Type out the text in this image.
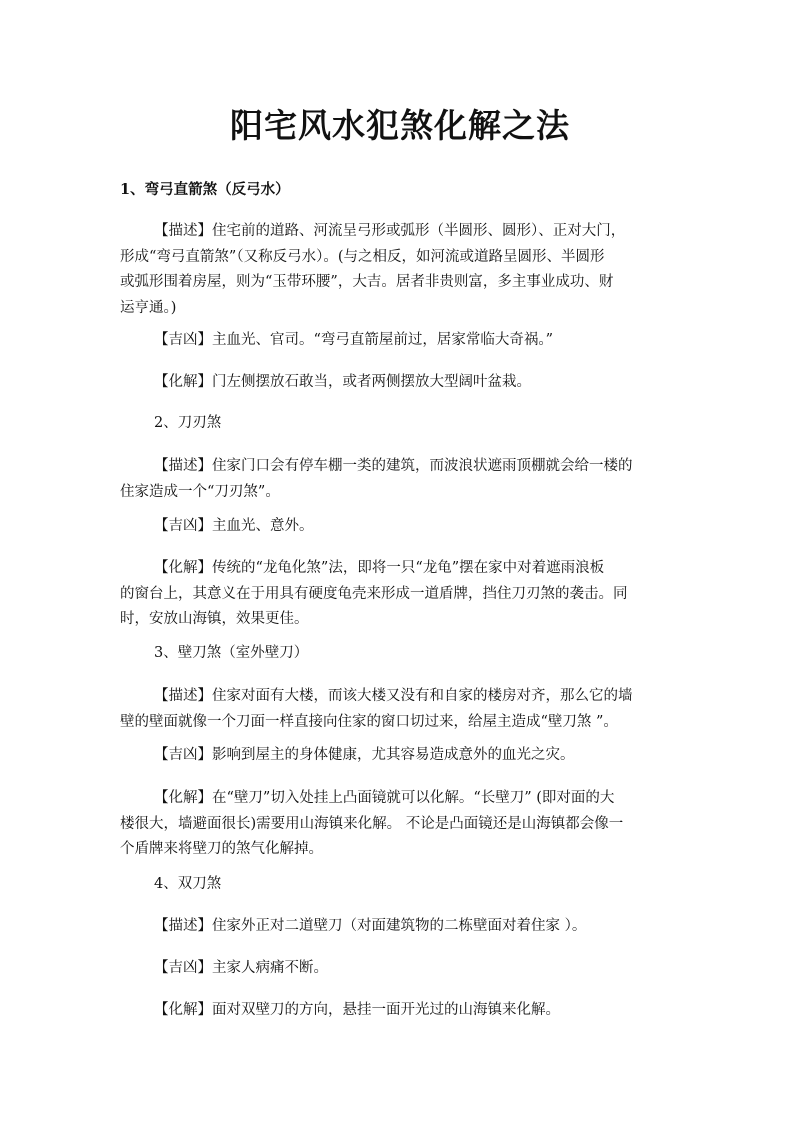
阳宅风水犯煞化解之法

1、弯弓直箭煞（反弓水）

【描述】住宅前的道路、河流呈弓形或弧形（半圆形、圆形）、正对大门，
形成“弯弓直箭煞”（又称反弓水）。(与之相反，如河流或道路呈圆形、半圆形
或弧形围着房屋，则为“玉带环腰”，大吉。居者非贵则富，多主事业成功、财
运亨通。)

【吉凶】主血光、官司。“弯弓直箭屋前过，居家常临大奇祸。”

【化解】门左侧摆放石敢当，或者两侧摆放大型阔叶盆栽。

2、刀刃煞

【描述】住家门口会有停车棚一类的建筑，而波浪状遮雨顶棚就会给一楼的
住家造成一个“刀刃煞”。

【吉凶】主血光、意外。

【化解】传统的“龙龟化煞”法，即将一只“龙龟”摆在家中对着遮雨浪板
的窗台上，其意义在于用具有硬度龟壳来形成一道盾牌，挡住刀刃煞的袭击。同
时，安放山海镇，效果更佳。

3、壁刀煞（室外壁刀）

【描述】住家对面有大楼，而该大楼又没有和自家的楼房对齐，那么它的墙
壁的壁面就像一个刀面一样直接向住家的窗口切过来，给屋主造成“壁刀煞 ”。

【吉凶】影响到屋主的身体健康，尤其容易造成意外的血光之灾。

【化解】在“壁刀”切入处挂上凸面镜就可以化解。“长壁刀” (即对面的大
楼很大，墙避面很长)需要用山海镇来化解。 不论是凸面镜还是山海镇都会像一
个盾牌来将壁刀的煞气化解掉。

4、双刀煞

【描述】住家外正对二道壁刀（对面建筑物的二栋壁面对着住家 ）。

【吉凶】主家人病痛不断。

【化解】面对双壁刀的方向，悬挂一面开光过的山海镇来化解。
